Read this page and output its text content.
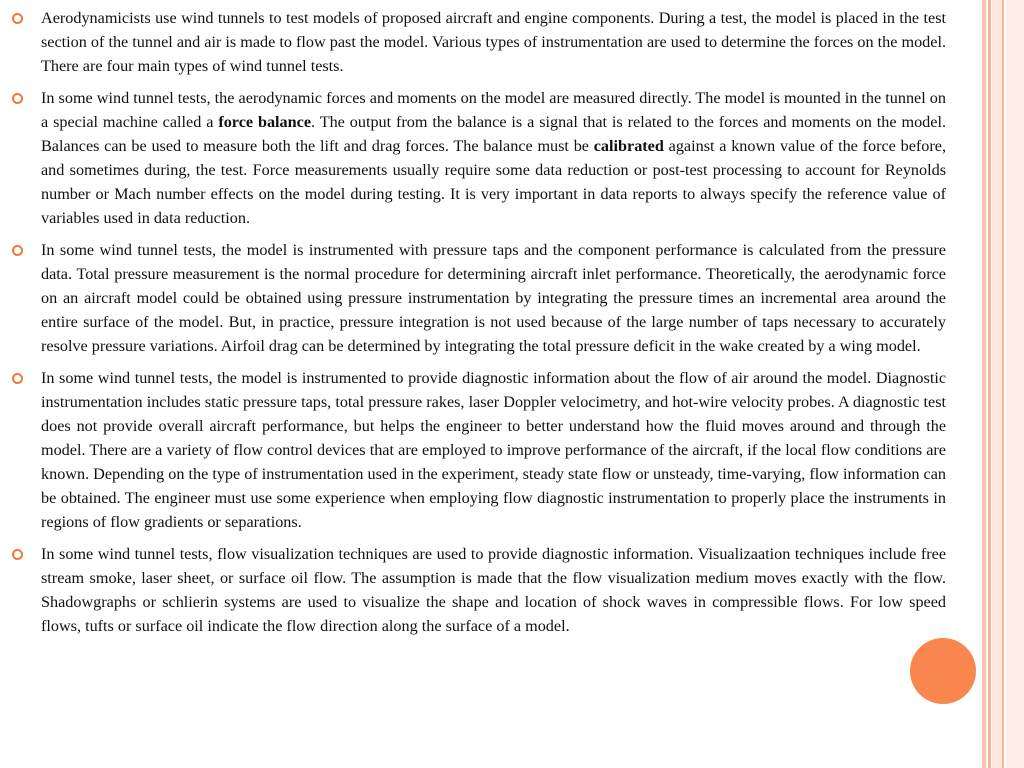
Aerodynamicists use wind tunnels to test models of proposed aircraft and engine components. During a test, the model is placed in the test section of the tunnel and air is made to flow past the model. Various types of instrumentation are used to determine the forces on the model. There are four main types of wind tunnel tests.
In some wind tunnel tests, the aerodynamic forces and moments on the model are measured directly. The model is mounted in the tunnel on a special machine called a force balance. The output from the balance is a signal that is related to the forces and moments on the model. Balances can be used to measure both the lift and drag forces. The balance must be calibrated against a known value of the force before, and sometimes during, the test. Force measurements usually require some data reduction or post-test processing to account for Reynolds number or Mach number effects on the model during testing. It is very important in data reports to always specify the reference value of variables used in data reduction.
In some wind tunnel tests, the model is instrumented with pressure taps and the component performance is calculated from the pressure data. Total pressure measurement is the normal procedure for determining aircraft inlet performance. Theoretically, the aerodynamic force on an aircraft model could be obtained using pressure instrumentation by integrating the pressure times an incremental area around the entire surface of the model. But, in practice, pressure integration is not used because of the large number of taps necessary to accurately resolve pressure variations. Airfoil drag can be determined by integrating the total pressure deficit in the wake created by a wing model.
In some wind tunnel tests, the model is instrumented to provide diagnostic information about the flow of air around the model. Diagnostic instrumentation includes static pressure taps, total pressure rakes, laser Doppler velocimetry, and hot-wire velocity probes. A diagnostic test does not provide overall aircraft performance, but helps the engineer to better understand how the fluid moves around and through the model. There are a variety of flow control devices that are employed to improve performance of the aircraft, if the local flow conditions are known. Depending on the type of instrumentation used in the experiment, steady state flow or unsteady, time-varying, flow information can be obtained. The engineer must use some experience when employing flow diagnostic instrumentation to properly place the instruments in regions of flow gradients or separations.
In some wind tunnel tests, flow visualization techniques are used to provide diagnostic information. Visualizaation techniques include free stream smoke, laser sheet, or surface oil flow. The assumption is made that the flow visualization medium moves exactly with the flow. Shadowgraphs or schlierin systems are used to visualize the shape and location of shock waves in compressible flows. For low speed flows, tufts or surface oil indicate the flow direction along the surface of a model.
